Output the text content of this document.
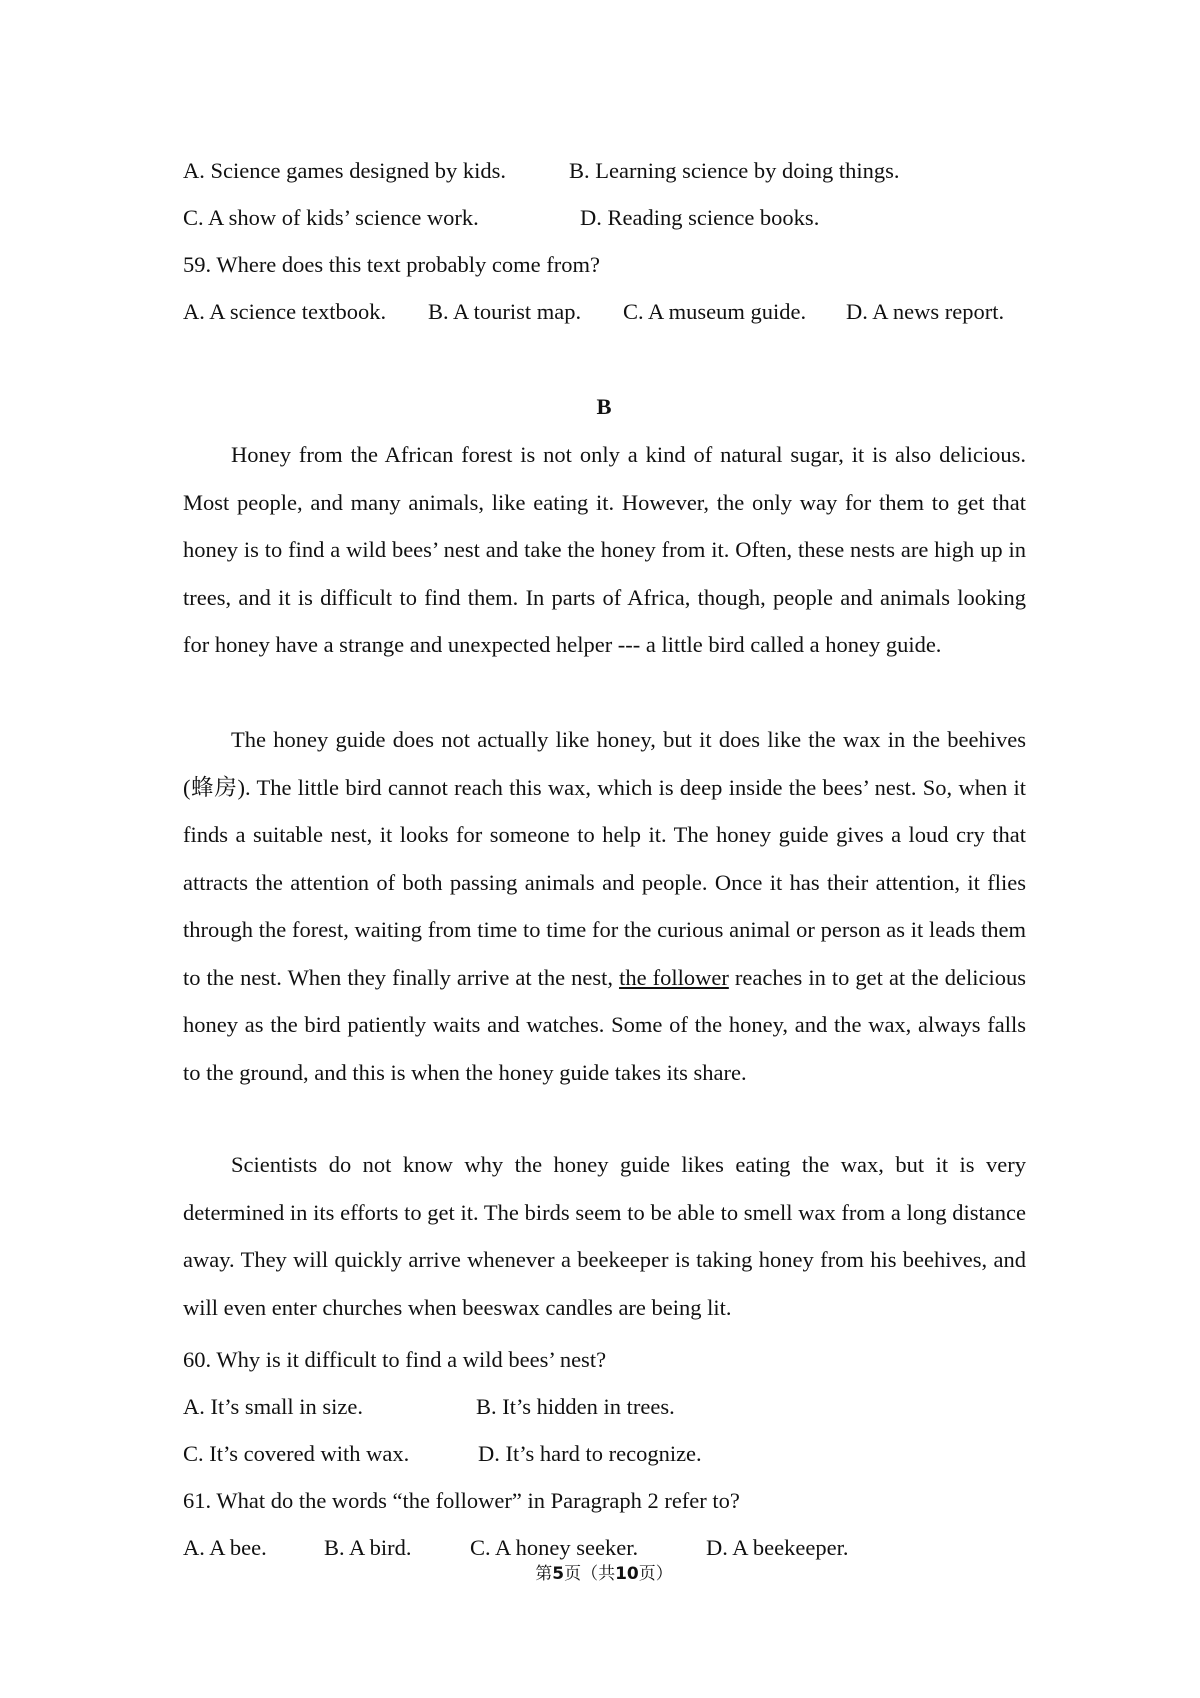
A. Science games designed by kids.	B. Learning science by doing things.
C. A show of kids’ science work.	D. Reading science books.
59. Where does this text probably come from?
A. A science textbook. B. A tourist map. C. A museum guide. D. A news report.
B
Honey from the African forest is not only a kind of natural sugar, it is also delicious. Most people, and many animals, like eating it. However, the only way for them to get that honey is to find a wild bees’ nest and take the honey from it. Often, these nests are high up in trees, and it is difficult to find them. In parts of Africa, though, people and animals looking for honey have a strange and unexpected helper --- a little bird called a honey guide.
The honey guide does not actually like honey, but it does like the wax in the beehives (蜂房). The little bird cannot reach this wax, which is deep inside the bees’ nest. So, when it finds a suitable nest, it looks for someone to help it. The honey guide gives a loud cry that attracts the attention of both passing animals and people. Once it has their attention, it flies through the forest, waiting from time to time for the curious animal or person as it leads them to the nest. When they finally arrive at the nest, the follower reaches in to get at the delicious honey as the bird patiently waits and watches. Some of the honey, and the wax, always falls to the ground, and this is when the honey guide takes its share.
Scientists do not know why the honey guide likes eating the wax, but it is very determined in its efforts to get it. The birds seem to be able to smell wax from a long distance away. They will quickly arrive whenever a beekeeper is taking honey from his beehives, and will even enter churches when beeswax candles are being lit.
60. Why is it difficult to find a wild bees’ nest?
A. It’s small in size.	B. It’s hidden in trees.
C. It’s covered with wax.	D. It’s hard to recognize.
61. What do the words “the follower” in Paragraph 2 refer to?
A. A bee.	B. A bird.	C. A honey seeker.	D. A beekeeper.
第5页（共10页）
